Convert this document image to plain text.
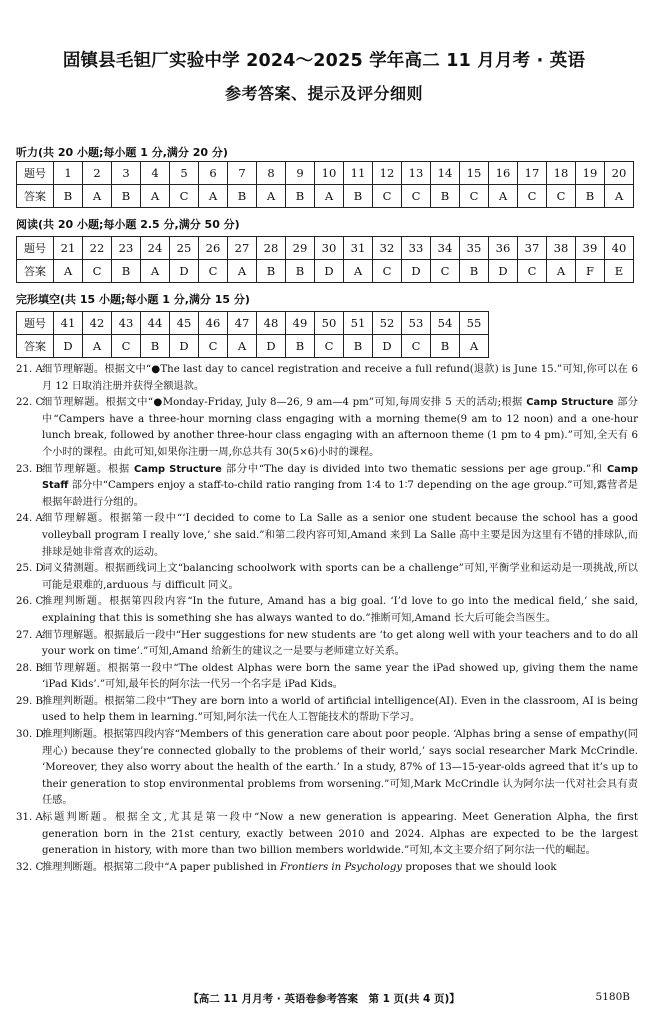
固镇县毛钽厂实验中学 2024～2025 学年高二 11 月月考 · 英语
参考答案、提示及评分细则
听力(共 20 小题;每小题 1 分,满分 20 分)
题号	1	2	3	4	5	6	7	8	9	10	11	12	13	14	15	16	17	18	19	20
答案	B	A	B	A	C	A	B	A	B	A	B	C	C	B	C	A	C	C	B	A
阅读(共 20 小题;每小题 2.5 分,满分 50 分)
题号	21	22	23	24	25	26	27	28	29	30	31	32	33	34	35	36	37	38	39	40
答案	A	C	B	A	D	C	A	B	B	D	A	C	D	C	B	D	C	A	F	E
完形填空(共 15 小题;每小题 1 分,满分 15 分)
题号	41	42	43	44	45	46	47	48	49	50	51	52	53	54	55
答案	D	A	C	B	D	C	A	D	B	C	B	D	C	B	A
21. A 细节理解题。根据文中“●The last day to cancel registration and receive a full refund(退款) is June 15.”可知,你可以在 6 月 12 日取消注册并获得全额退款。
22. C
细节理解题。根据文中“●Monday-Friday, July 8—26, 9 am—4 pm”可知,每周安排 5 天的活动;根据 Camp Structure 部分中“Campers have a three-hour morning class engaging with a morning theme(9 am to 12 noon) and a one-hour lunch break, followed by another three-hour class engaging with an afternoon theme (1 pm to 4 pm).”可知,全天有 6 个小时的课程。由此可知,如果你注册一周,你总共有 30(5×6)小时的课程。
23. B 细节理解题。根据 Camp Structure 部分中“The day is divided into two thematic sessions per age group.”和 Camp Staff 部分中“Campers enjoy a staff-to-child ratio ranging from 1∶4 to 1∶7 depending on the age group.”可知,露营者是根据年龄进行分组的。
24. A 细节理解题。根据第一段中“‘I decided to come to La Salle as a senior one student because the school has a good volleyball program I really love,’ she said.”和第二段内容可知,Amand 来到 La Salle 高中主要是因为这里有不错的排球队,而排球是她非常喜欢的运动。
25. D
词义猜测题。根据画线词上文“balancing schoolwork with sports can be a challenge”可知,平衡学业和运动是一项挑战,所以可能是艰难的,arduous 与 difficult 同义。
26. C
推理判断题。根据第四段内容“In the future, Amand has a big goal. ‘I’d love to go into the medical field,’ she said, explaining that this is something she has always wanted to do.”推断可知,Amand 长大后可能会当医生。
27. A 细节理解题。根据最后一段中“Her suggestions for new students are ‘to get along well with your teachers and to do all your work on time’.”可知,Amand 给新生的建议之一是要与老师建立好关系。
28. B 细节理解题。根据第一段中“The oldest Alphas were born the same year the iPad showed up, giving them the name ‘iPad Kids’.”可知,最年长的阿尔法一代另一个名字是 iPad Kids。
29. B 推理判断题。根据第二段中“They are born into a world of artificial intelligence(AI). Even in the classroom, AI is being used to help them in learning.”可知,阿尔法一代在人工智能技术的帮助下学习。
30. D
推理判断题。根据第四段内容“Members of this generation care about poor people. ‘Alphas bring a sense of empathy(同理心) because they’re connected globally to the problems of their world,’ says social researcher Mark McCrindle. ‘Moreover, they also worry about the health of the earth.’ In a study, 87% of 13—15-year-olds agreed that it’s up to their generation to stop environmental problems from worsening.”可知,Mark McCrindle 认为阿尔法一代对社会具有责任感。
31. A 标题判断题。根据全文,尤其是第一段中“Now a new generation is appearing. Meet Generation Alpha, the first generation born in the 21st century, exactly between 2010 and 2024. Alphas are expected to be the largest generation in history, with more than two billion members worldwide.”可知,本文主要介绍了阿尔法一代的崛起。
32. C
推理判断题。根据第二段中“A paper published in Frontiers in Psychology proposes that we should look
【高二 11 月月考 · 英语卷参考答案　第 1 页(共 4 页)】	5180B
